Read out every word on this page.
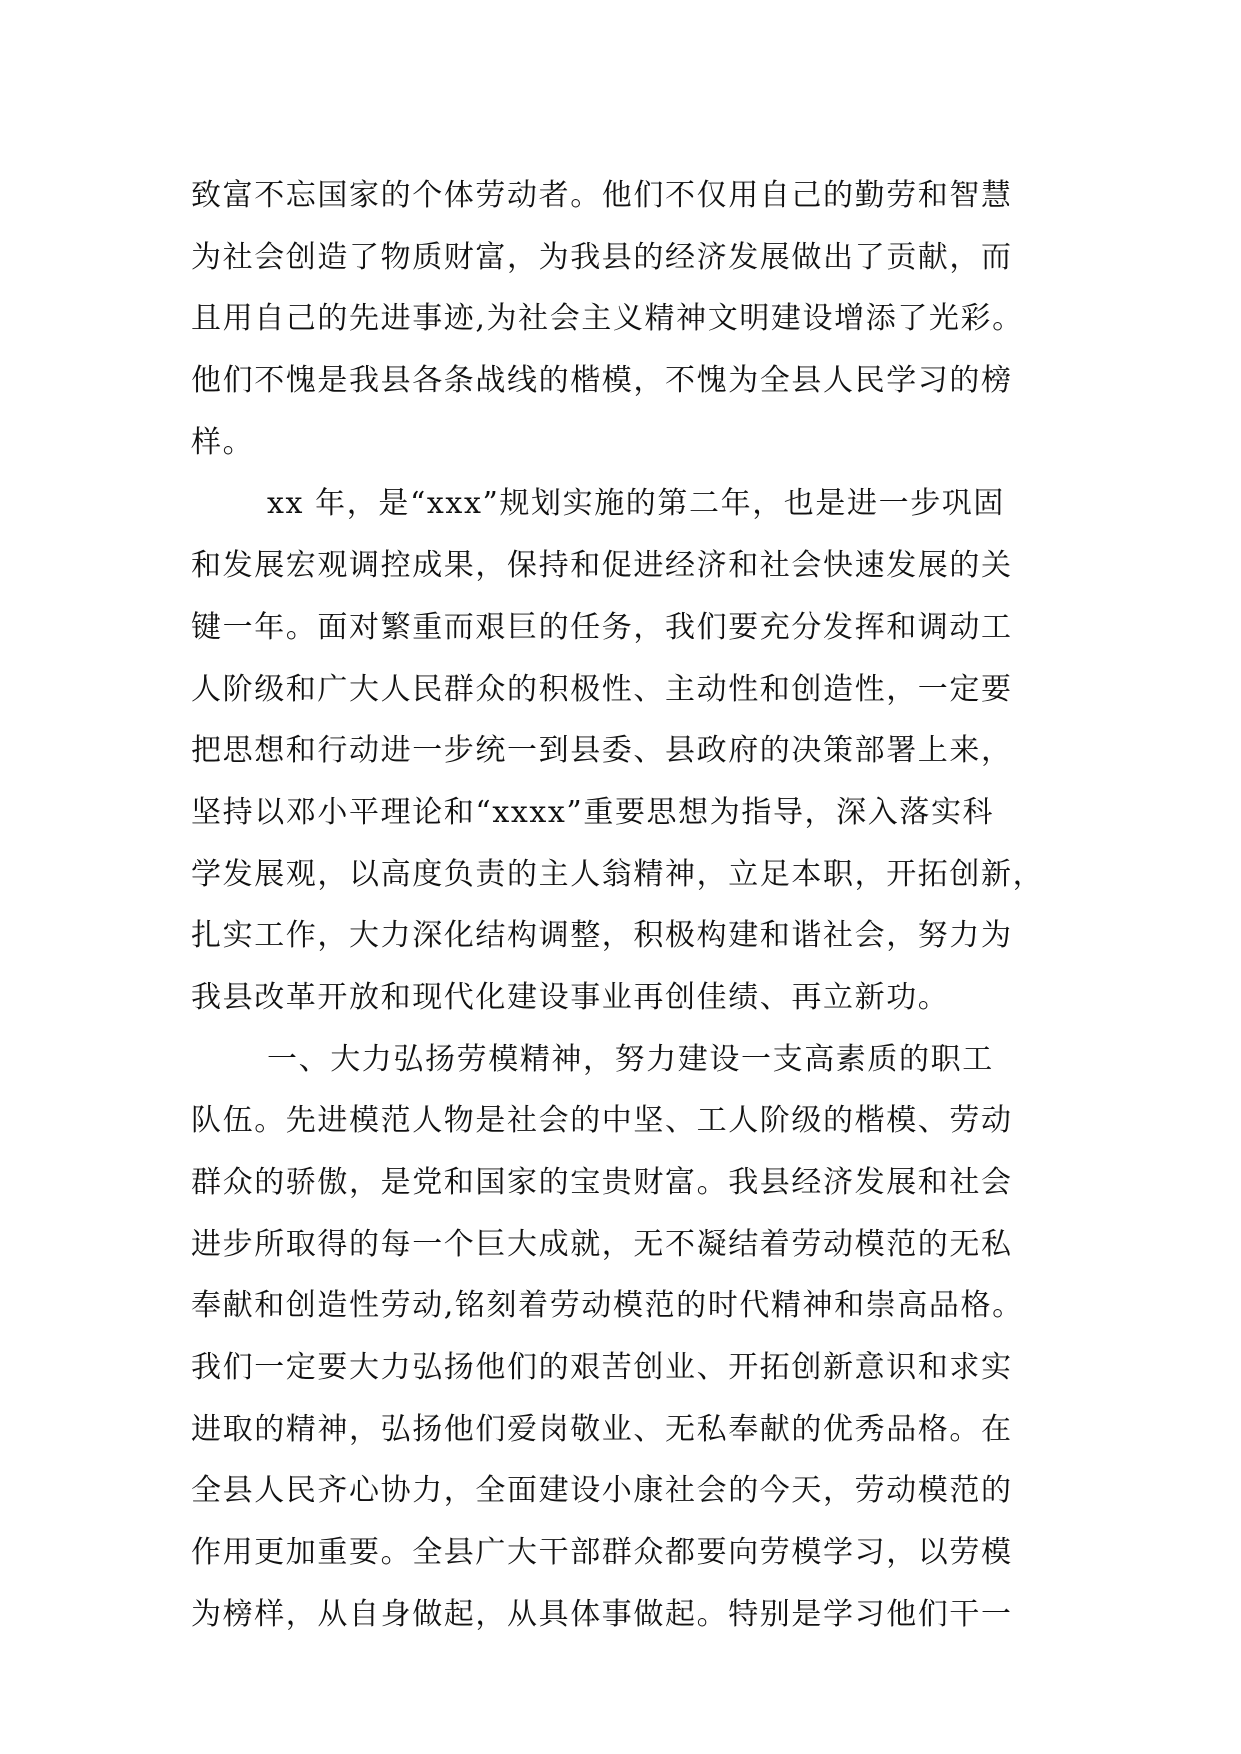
致富不忘国家的个体劳动者。他们不仅用自己的勤劳和智慧
为社会创造了物质财富，为我县的经济发展做出了贡献，而
且用自己的先进事迹,为社会主义精神文明建设增添了光彩。
他们不愧是我县各条战线的楷模，不愧为全县人民学习的榜
样。
xx 年，是“xxx”规划实施的第二年，也是进一步巩固
和发展宏观调控成果，保持和促进经济和社会快速发展的关
键一年。面对繁重而艰巨的任务，我们要充分发挥和调动工
人阶级和广大人民群众的积极性、主动性和创造性，一定要
把思想和行动进一步统一到县委、县政府的决策部署上来，
坚持以邓小平理论和“xxxx”重要思想为指导，深入落实科
学发展观，以高度负责的主人翁精神，立足本职，开拓创新，
扎实工作，大力深化结构调整，积极构建和谐社会，努力为
我县改革开放和现代化建设事业再创佳绩、再立新功。
一、大力弘扬劳模精神，努力建设一支高素质的职工
队伍。先进模范人物是社会的中坚、工人阶级的楷模、劳动
群众的骄傲，是党和国家的宝贵财富。我县经济发展和社会
进步所取得的每一个巨大成就，无不凝结着劳动模范的无私
奉献和创造性劳动,铭刻着劳动模范的时代精神和崇高品格。
我们一定要大力弘扬他们的艰苦创业、开拓创新意识和求实
进取的精神，弘扬他们爱岗敬业、无私奉献的优秀品格。在
全县人民齐心协力，全面建设小康社会的今天，劳动模范的
作用更加重要。全县广大干部群众都要向劳模学习，以劳模
为榜样，从自身做起，从具体事做起。特别是学习他们干一
